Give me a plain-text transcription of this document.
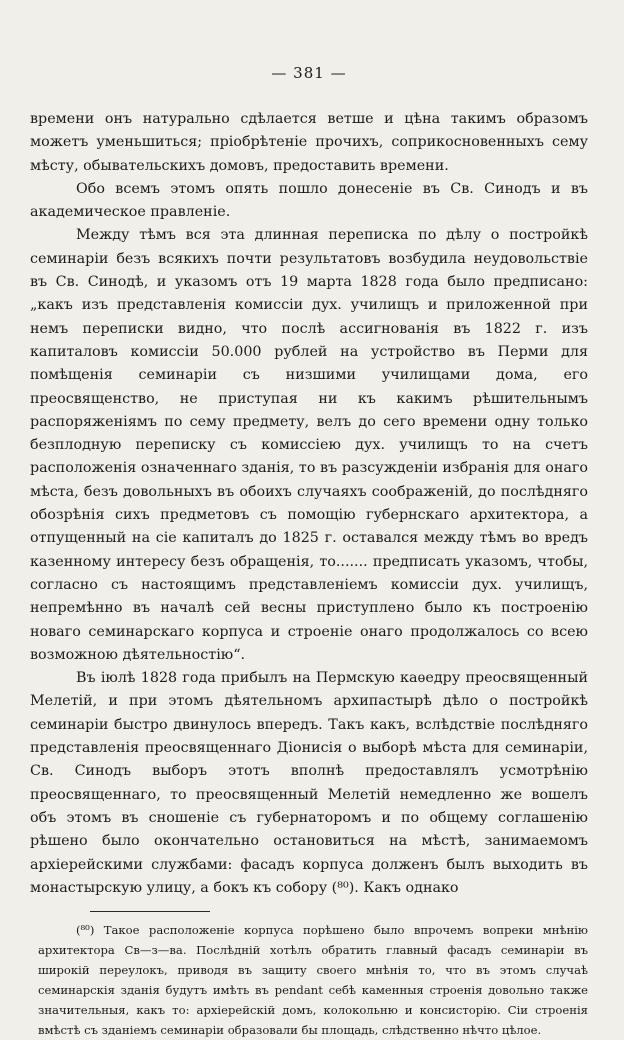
— 381 —

времени онъ натурально сдѣлается ветше и цѣна такимъ образомъ можетъ уменьшиться; пріобрѣтеніе прочихъ, соприкосновенныхъ сему мѣсту, обывательскихъ домовъ, предоставить времени.

Обо всемъ этомъ опять пошло донесеніе въ Св. Синодъ и въ академическое правленіе.

Между тѣмъ вся эта длинная переписка по дѣлу о постройкѣ семинаріи безъ всякихъ почти результатовъ возбудила неудовольствіе въ Св. Синодѣ, и указомъ отъ 19 марта 1828 года было предписано: „какъ изъ представленія комиссіи дух. училищъ и приложенной при немъ переписки видно, что послѣ ассигнованія въ 1822 г. изъ капиталовъ комиссіи 50.000 рублей на устройство въ Перми для помѣщенія семинаріи съ низшими училищами дома, его преосвященство, не приступая ни къ какимъ рѣшительнымъ распоряженіямъ по сему предмету, велъ до сего времени одну только безплодную переписку съ комиссіею дух. училищъ то на счетъ расположенія означеннаго зданія, то въ разсужденіи избранія для онаго мѣста, безъ довольныхъ въ обоихъ случаяхъ соображеній, до послѣдняго обозрѣнія сихъ предметовъ съ помощію губернскаго архитектора, а отпущенный на сіе капиталъ до 1825 г. оставался между тѣмъ во вредъ казенному интересу безъ обращенія, то....... предписать указомъ, чтобы, согласно съ настоящимъ представленіемъ комиссіи дух. училищъ, непремѣнно въ началѣ сей весны приступлено было къ построенію новаго семинарскаго корпуса и строеніе онаго продолжалось со всею возможною дѣятельностію“.

Въ іюлѣ 1828 года прибылъ на Пермскую каѳедру преосвященный Мелетій, и при этомъ дѣятельномъ архипастырѣ дѣло о постройкѣ семинаріи быстро двинулось впередъ. Такъ какъ, вслѣдствіе послѣдняго представленія преосвященнаго Діонисія о выборѣ мѣста для семинаріи, Св. Синодъ выборъ этотъ вполнѣ предоставлялъ усмотрѣнію преосвященнаго, то преосвященный Мелетій немедленно же вошелъ объ этомъ въ сношеніе съ губернаторомъ и по общему соглашенію рѣшено было окончательно остановиться на мѣстѣ, занимаемомъ архіерейскими службами: фасадъ корпуса долженъ былъ выходить въ монастырскую улицу, а бокъ къ собору (⁸⁰). Какъ однако

(⁸⁰) Такое расположеніе корпуса порѣшено было впрочемъ вопреки мнѣнію архитектора Св—з—ва. Послѣдній хотѣлъ обратить главный фасадъ семинаріи въ широкій переулокъ, приводя въ защиту своего мнѣнія то, что въ этомъ случаѣ семинарскія зданія будутъ имѣть въ pendant себѣ каменныя строенія довольно также значительныя, какъ то: архіерейскій домъ, колокольню и консисторію. Сіи строенія вмѣстѣ съ зданіемъ семинаріи образовали бы площадь, слѣдственно нѣчто цѣлое.
